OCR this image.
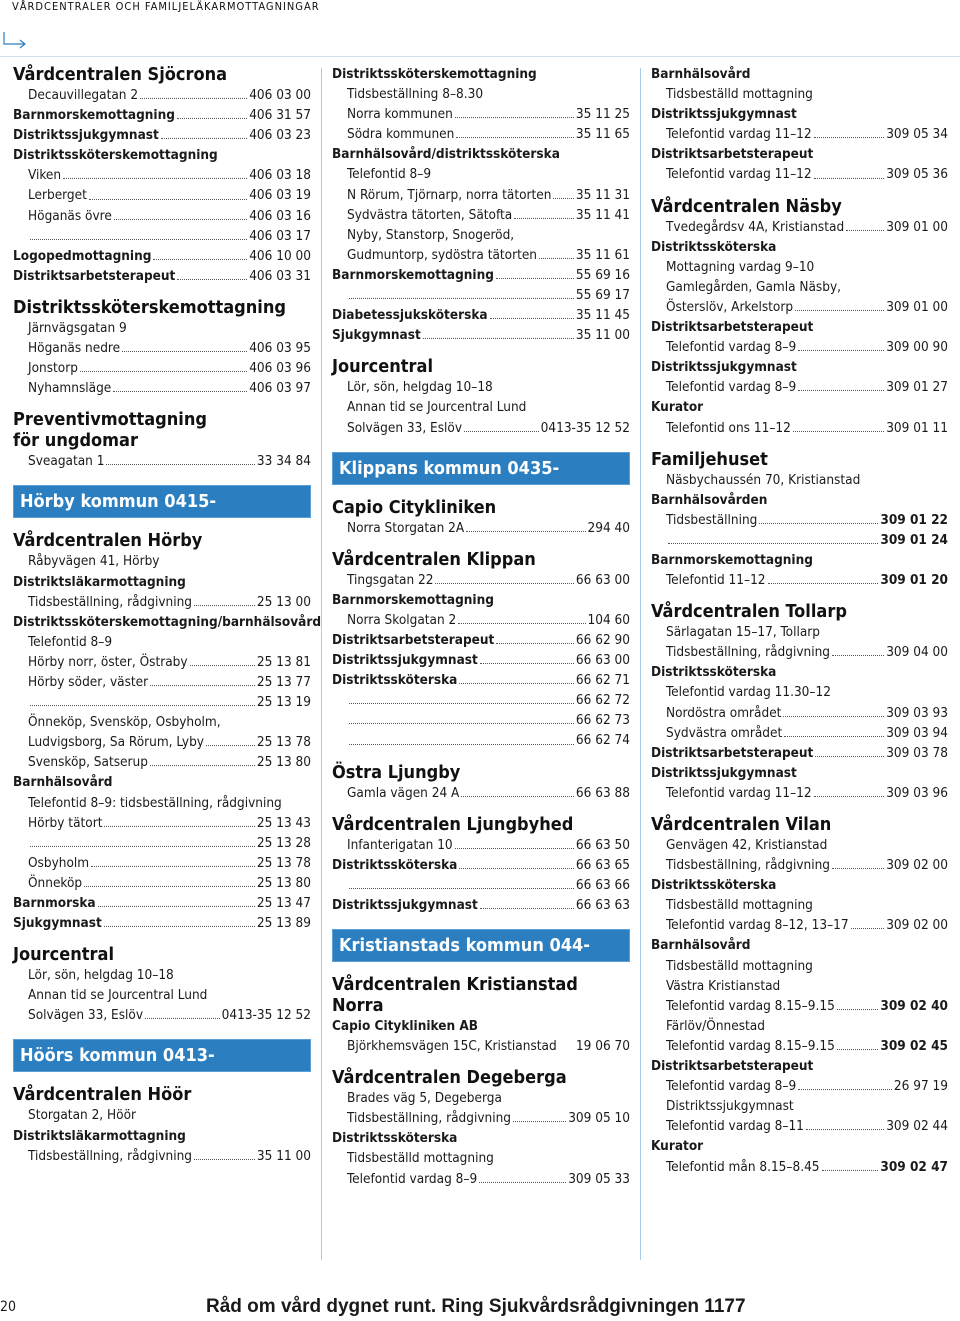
VÅRDCENTRALER OCH FAMILJELÄKARMOTTAGNINGAR
Vårdcentralen Sjöcrona
Decauvillegatan 2	406 03 00
Barnmorskemottagning	406 31 57
Distriktssjukgymnast	406 03 23
Distriktssköterskemottagning
Viken	406 03 18
Lerberget	406 03 19
Höganäs övre	406 03 16
406 03 17
Logopedmottagning	406 10 00
Distriktsarbetsterapeut	406 03 31
Distriktssköterskemottagning
Järnvägsgatan 9
Höganäs nedre	406 03 95
Jonstorp	406 03 96
Nyhamnsläge	406 03 97
Preventivmottagning
för ungdomar
Sveagatan 1	33 34 84
Hörby kommun 0415-
Vårdcentralen Hörby
Råbyvägen 41, Hörby
Distriktsläkarmottagning
Tidsbeställning, rådgivning	25 13 00
Distriktssköterskemottagning/barnhälsovård
Telefontid 8–9
Hörby norr, öster, Östraby	25 13 81
Hörby söder, väster	25 13 77
25 13 19
Önneköp, Svensköp, Osbyholm,
Ludvigsborg, Sa Rörum, Lyby	25 13 78
Svensköp, Satserup	25 13 80
Barnhälsovård
Telefontid 8–9: tidsbeställning, rådgivning
Hörby tätort	25 13 43
25 13 28
Osbyholm	25 13 78
Önneköp	25 13 80
Barnmorska	25 13 47
Sjukgymnast	25 13 89
Jourcentral
Lör, sön, helgdag 10–18
Annan tid se Jourcentral Lund
Solvägen 33, Eslöv	0413-35 12 52
Höörs kommun 0413-
Vårdcentralen Höör
Storgatan 2, Höör
Distriktsläkarmottagning
Tidsbeställning, rådgivning	35 11 00
Distriktssköterskemottagning
Tidsbeställning 8–8.30
Norra kommunen	35 11 25
Södra kommunen	35 11 65
Barnhälsovård/distriktssköterska
Telefontid 8–9
N Rörum, Tjörnarp, norra tätorten 35 11 31
Sydvästra tätorten, Sätofta	35 11 41
Nyby, Stanstorp, Snogeröd,
Gudmuntorp, sydöstra tätorten	35 11 61
Barnmorskemottagning	55 69 16
55 69 17
Diabetessjuksköterska	35 11 45
Sjukgymnast	35 11 00
Jourcentral
Lör, sön, helgdag 10–18
Annan tid se Jourcentral Lund
Solvägen 33, Eslöv	0413-35 12 52
Klippans kommun 0435-
Capio Citykliniken
Norra Storgatan 2A	294 40
Vårdcentralen Klippan
Tingsgatan 22	66 63 00
Barnmorskemottagning
Norra Skolgatan 2	104 60
Distriktsarbetsterapeut	66 62 90
Distriktssjukgymnast	66 63 00
Distriktssköterska	66 62 71
66 62 72
66 62 73
66 62 74
Östra Ljungby
Gamla vägen 24 A	66 63 88
Vårdcentralen Ljungbyhed
Infanterigatan 10	66 63 50
Distriktssköterska	66 63 65
66 63 66
Distriktssjukgymnast	66 63 63
Kristianstads kommun 044-
Vårdcentralen Kristianstad Norra
Capio Citykliniken AB
Björkhemsvägen 15C, Kristianstad 19 06 70
Vårdcentralen Degeberga
Brades väg 5, Degeberga
Tidsbeställning, rådgivning	309 05 10
Distriktssköterska
Tidsbeställd mottagning
Telefontid vardag 8–9	309 05 33
Barnhälsovård
Tidsbeställd mottagning
Distriktssjukgymnast
Telefontid vardag 11–12	309 05 34
Distriktsarbetsterapeut
Telefontid vardag 11–12	309 05 36
Vårdcentralen Näsby
Tvedegårdsv 4A, Kristianstad	309 01 00
Distriktssköterska
Mottagning vardag 9–10
Gamlegården, Gamla Näsby,
Österslöv, Arkelstorp	309 01 00
Distriktsarbetsterapeut
Telefontid vardag 8–9	309 00 90
Distriktssjukgymnast
Telefontid vardag 8–9	309 01 27
Kurator
Telefontid ons 11–12	309 01 11
Familjehuset
Näsbychaussén 70, Kristianstad
Barnhälsovården
Tidsbeställning	309 01 22
309 01 24
Barnmorskemottagning
Telefontid 11–12	309 01 20
Vårdcentralen Tollarp
Särlagatan 15–17, Tollarp
Tidsbeställning, rådgivning	309 04 00
Distriktssköterska
Telefontid vardag 11.30–12
Nordöstra området	309 03 93
Sydvästra området	309 03 94
Distriktsarbetsterapeut	309 03 78
Distriktssjukgymnast
Telefontid vardag 11–12	309 03 96
Vårdcentralen Vilan
Genvägen 42, Kristianstad
Tidsbeställning, rådgivning	309 02 00
Distriktssköterska
Tidsbeställd mottagning
Telefontid vardag 8–12, 13–17	309 02 00
Barnhälsovård
Tidsbeställd mottagning
Västra Kristianstad
Telefontid vardag 8.15–9.15	309 02 40
Färlöv/Önnestad
Telefontid vardag 8.15–9.15	309 02 45
Distriktsarbetsterapeut
Telefontid vardag 8–9	26 97 19
Distriktssjukgymnast
Telefontid vardag 8–11	309 02 44
Kurator
Telefontid mån 8.15–8.45	309 02 47
20	Råd om vård dygnet runt. Ring Sjukvårdsrådgivningen 1177
